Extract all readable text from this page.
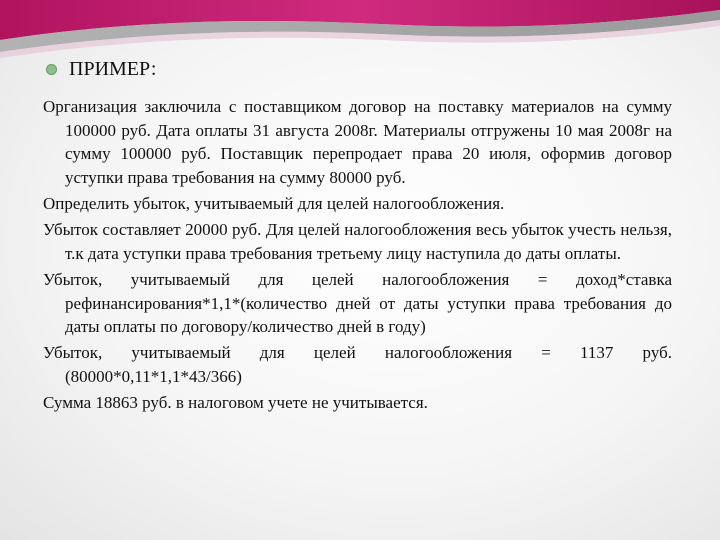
ПРИМЕР:

Организация заключила с поставщиком договор на поставку материалов на сумму 100000 руб. Дата оплаты 31 августа 2008г. Материалы отгружены 10 мая 2008г на сумму 100000 руб. Поставщик перепродает права 20 июля, оформив договор уступки права требования на сумму 80000 руб.

Определить убыток, учитываемый для целей налогообложения.

Убыток составляет 20000 руб. Для целей налогообложения весь убыток учесть нельзя, т.к дата уступки права требования третьему лицу наступила до даты оплаты.

Убыток, учитываемый для целей налогообложения = доход*ставка рефинансирования*1,1*(количество дней от даты уступки права требования до даты оплаты по договору/количество дней в году)

Убыток, учитываемый для целей налогообложения = 1137 руб.(80000*0,11*1,1*43/366)

Сумма 18863 руб. в налоговом учете не учитывается.
